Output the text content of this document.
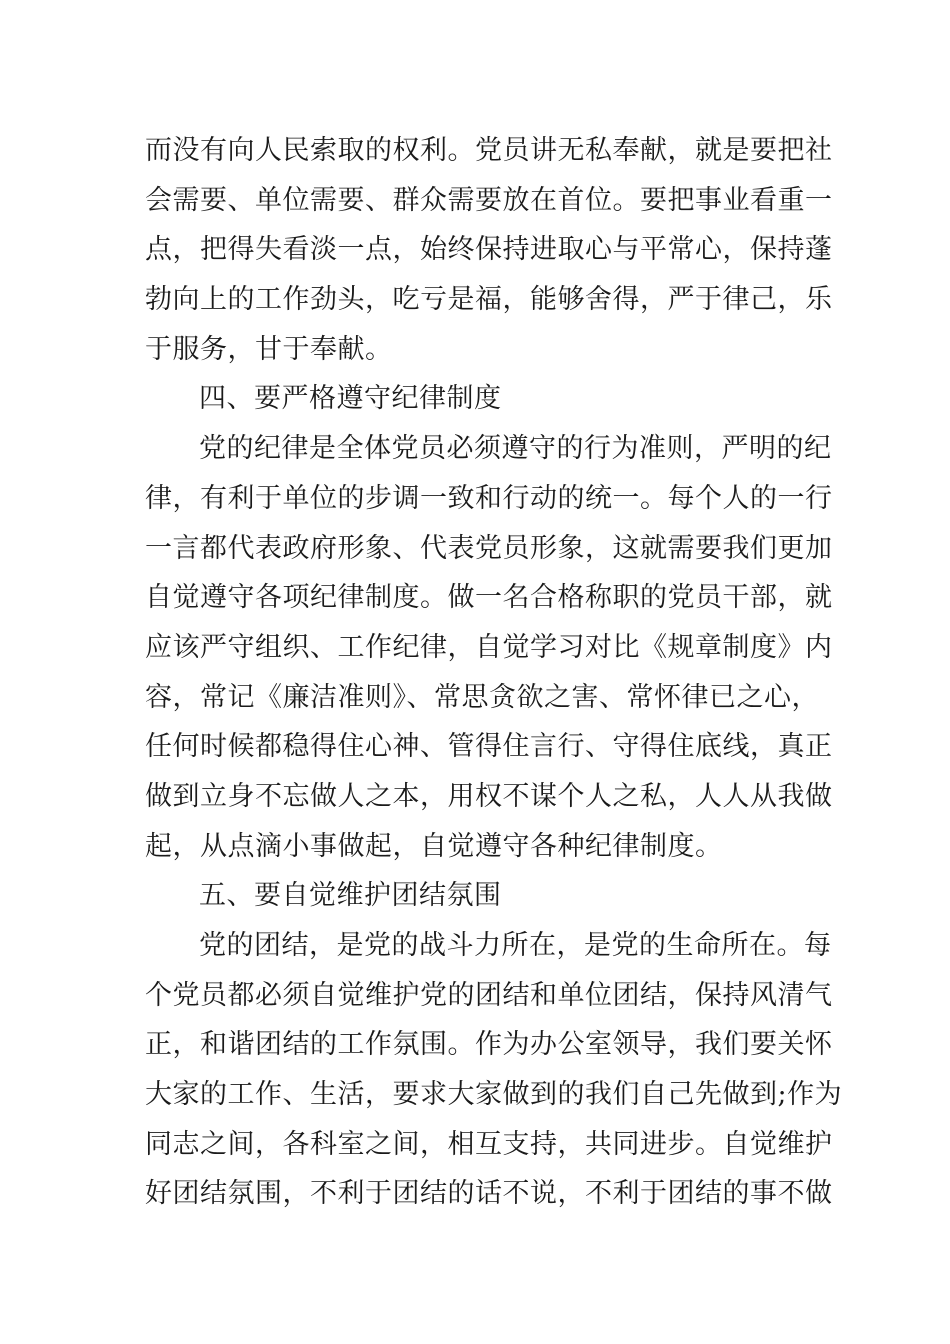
而没有向人民索取的权利。党员讲无私奉献，就是要把社
会需要、单位需要、群众需要放在首位。要把事业看重一
点，把得失看淡一点，始终保持进取心与平常心，保持蓬
勃向上的工作劲头，吃亏是福，能够舍得，严于律己，乐
于服务，甘于奉献。
四、要严格遵守纪律制度
党的纪律是全体党员必须遵守的行为准则，严明的纪
律，有利于单位的步调一致和行动的统一。每个人的一行
一言都代表政府形象、代表党员形象，这就需要我们更加
自觉遵守各项纪律制度。做一名合格称职的党员干部，就
应该严守组织、工作纪律，自觉学习对比《规章制度》内
容，常记《廉洁准则》、常思贪欲之害、常怀律已之心，
任何时候都稳得住心神、管得住言行、守得住底线，真正
做到立身不忘做人之本，用权不谋个人之私，人人从我做
起，从点滴小事做起，自觉遵守各种纪律制度。
五、要自觉维护团结氛围
党的团结，是党的战斗力所在，是党的生命所在。每
个党员都必须自觉维护党的团结和单位团结，保持风清气
正，和谐团结的工作氛围。作为办公室领导，我们要关怀
大家的工作、生活，要求大家做到的我们自己先做到;作为
同志之间，各科室之间，相互支持，共同进步。自觉维护
好团结氛围，不利于团结的话不说，不利于团结的事不做
